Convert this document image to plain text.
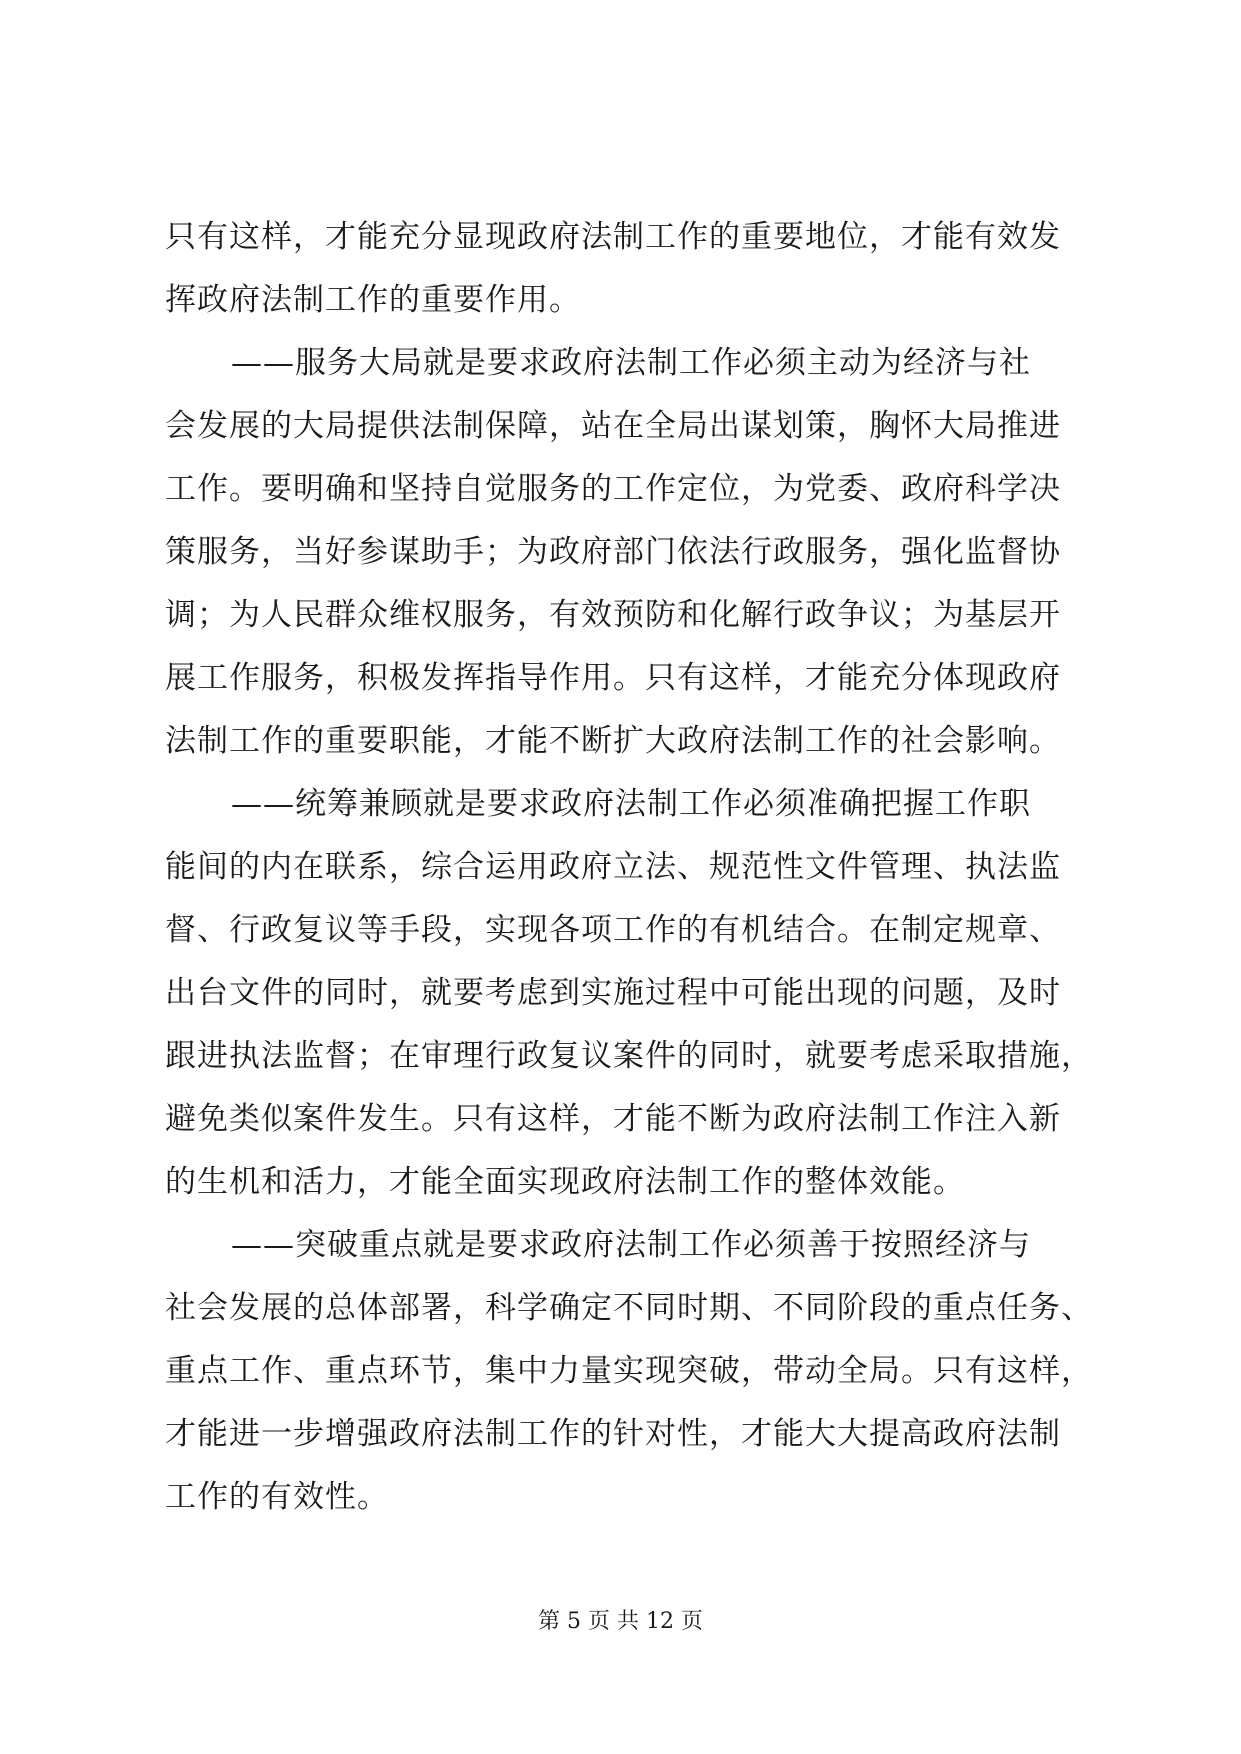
只有这样，才能充分显现政府法制工作的重要地位，才能有效发
挥政府法制工作的重要作用。
——服务大局就是要求政府法制工作必须主动为经济与社
会发展的大局提供法制保障，站在全局出谋划策，胸怀大局推进
工作。要明确和坚持自觉服务的工作定位，为党委、政府科学决
策服务，当好参谋助手；为政府部门依法行政服务，强化监督协
调；为人民群众维权服务，有效预防和化解行政争议；为基层开
展工作服务，积极发挥指导作用。只有这样，才能充分体现政府
法制工作的重要职能，才能不断扩大政府法制工作的社会影响。
——统筹兼顾就是要求政府法制工作必须准确把握工作职
能间的内在联系，综合运用政府立法、规范性文件管理、执法监
督、行政复议等手段，实现各项工作的有机结合。在制定规章、
出台文件的同时，就要考虑到实施过程中可能出现的问题，及时
跟进执法监督；在审理行政复议案件的同时，就要考虑采取措施，
避免类似案件发生。只有这样，才能不断为政府法制工作注入新
的生机和活力，才能全面实现政府法制工作的整体效能。
——突破重点就是要求政府法制工作必须善于按照经济与
社会发展的总体部署，科学确定不同时期、不同阶段的重点任务、
重点工作、重点环节，集中力量实现突破，带动全局。只有这样，
才能进一步增强政府法制工作的针对性，才能大大提高政府法制
工作的有效性。
第 5 页 共 12 页
